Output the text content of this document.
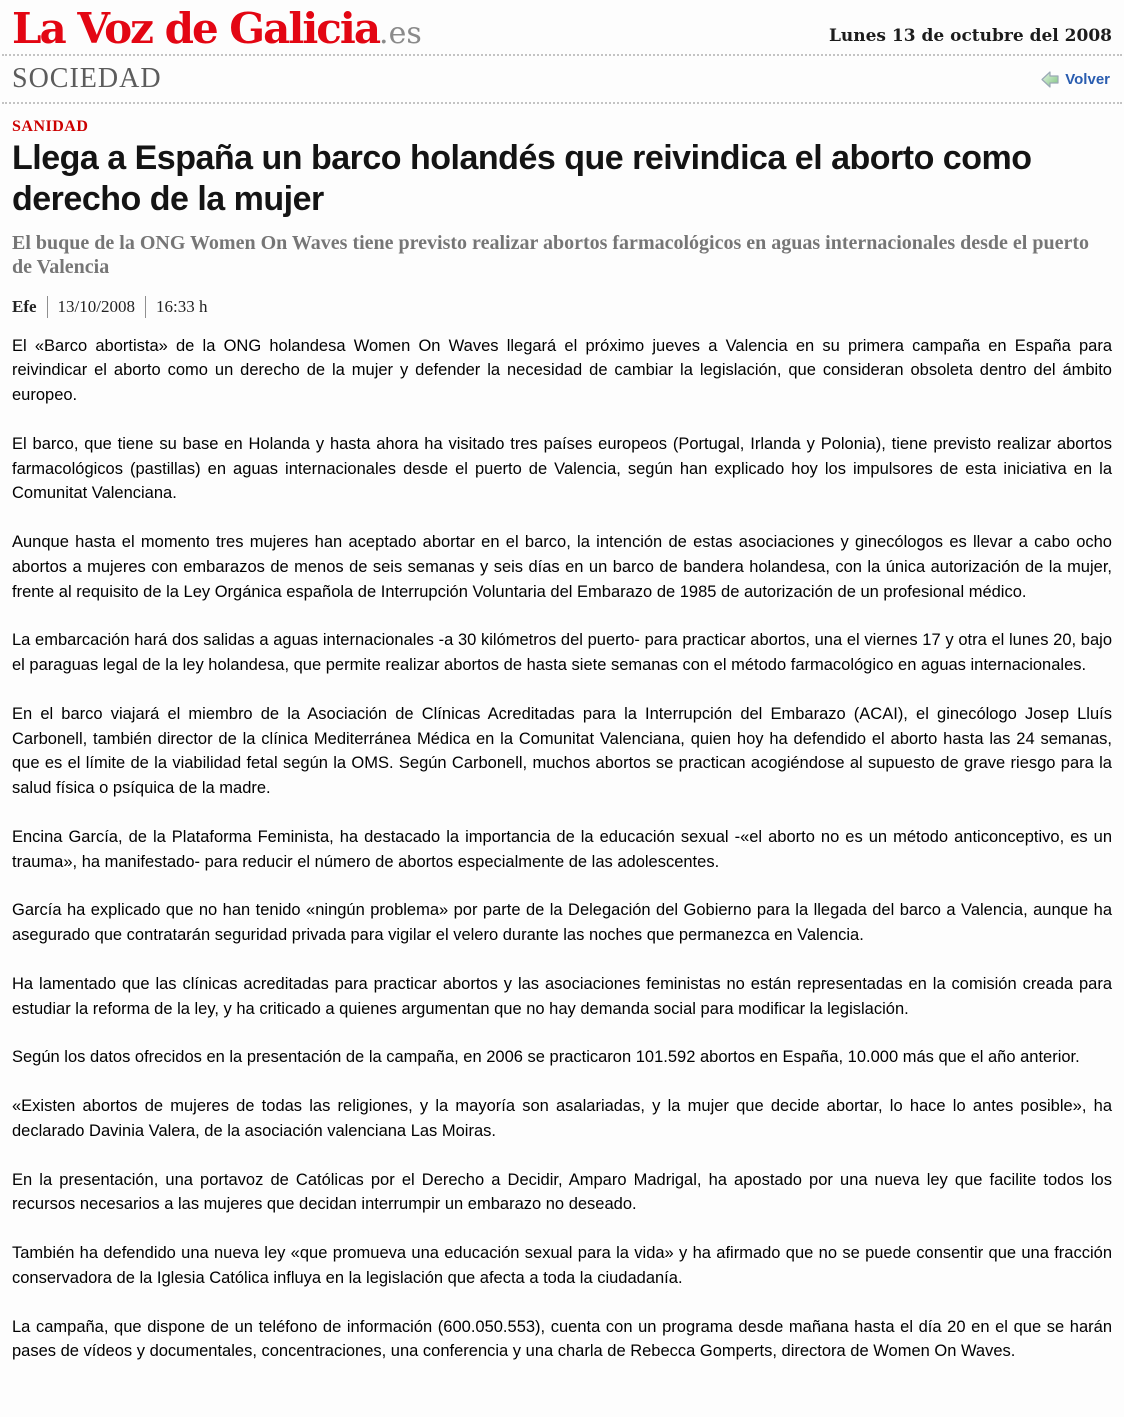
La Voz de Galicia.es	Lunes 13 de octubre del 2008
SOCIEDAD	Volver
SANIDAD
Llega a España un barco holandés que reivindica el aborto como derecho de la mujer
El buque de la ONG Women On Waves tiene previsto realizar abortos farmacológicos en aguas internacionales desde el puerto de Valencia
Efe 13/10/2008 16:33 h

El «Barco abortista» de la ONG holandesa Women On Waves llegará el próximo jueves a Valencia en su primera campaña en España para reivindicar el aborto como un derecho de la mujer y defender la necesidad de cambiar la legislación, que consideran obsoleta dentro del ámbito europeo.

El barco, que tiene su base en Holanda y hasta ahora ha visitado tres países europeos (Portugal, Irlanda y Polonia), tiene previsto realizar abortos farmacológicos (pastillas) en aguas internacionales desde el puerto de Valencia, según han explicado hoy los impulsores de esta iniciativa en la Comunitat Valenciana.

Aunque hasta el momento tres mujeres han aceptado abortar en el barco, la intención de estas asociaciones y ginecólogos es llevar a cabo ocho abortos a mujeres con embarazos de menos de seis semanas y seis días en un barco de bandera holandesa, con la única autorización de la mujer, frente al requisito de la Ley Orgánica española de Interrupción Voluntaria del Embarazo de 1985 de autorización de un profesional médico.

La embarcación hará dos salidas a aguas internacionales -a 30 kilómetros del puerto- para practicar abortos, una el viernes 17 y otra el lunes 20, bajo el paraguas legal de la ley holandesa, que permite realizar abortos de hasta siete semanas con el método farmacológico en aguas internacionales.

En el barco viajará el miembro de la Asociación de Clínicas Acreditadas para la Interrupción del Embarazo (ACAI), el ginecólogo Josep Lluís Carbonell, también director de la clínica Mediterránea Médica en la Comunitat Valenciana, quien hoy ha defendido el aborto hasta las 24 semanas, que es el límite de la viabilidad fetal según la OMS. Según Carbonell, muchos abortos se practican acogiéndose al supuesto de grave riesgo para la salud física o psíquica de la madre.

Encina García, de la Plataforma Feminista, ha destacado la importancia de la educación sexual -«el aborto no es un método anticonceptivo, es un trauma», ha manifestado- para reducir el número de abortos especialmente de las adolescentes.

García ha explicado que no han tenido «ningún problema» por parte de la Delegación del Gobierno para la llegada del barco a Valencia, aunque ha asegurado que contratarán seguridad privada para vigilar el velero durante las noches que permanezca en Valencia.

Ha lamentado que las clínicas acreditadas para practicar abortos y las asociaciones feministas no están representadas en la comisión creada para estudiar la reforma de la ley, y ha criticado a quienes argumentan que no hay demanda social para modificar la legislación.

Según los datos ofrecidos en la presentación de la campaña, en 2006 se practicaron 101.592 abortos en España, 10.000 más que el año anterior.

«Existen abortos de mujeres de todas las religiones, y la mayoría son asalariadas, y la mujer que decide abortar, lo hace lo antes posible», ha declarado Davinia Valera, de la asociación valenciana Las Moiras.

En la presentación, una portavoz de Católicas por el Derecho a Decidir, Amparo Madrigal, ha apostado por una nueva ley que facilite todos los recursos necesarios a las mujeres que decidan interrumpir un embarazo no deseado.

También ha defendido una nueva ley «que promueva una educación sexual para la vida» y ha afirmado que no se puede consentir que una fracción conservadora de la Iglesia Católica influya en la legislación que afecta a toda la ciudadanía.

La campaña, que dispone de un teléfono de información (600.050.553), cuenta con un programa desde mañana hasta el día 20 en el que se harán pases de vídeos y documentales, concentraciones, una conferencia y una charla de Rebecca Gomperts, directora de Women On Waves.
